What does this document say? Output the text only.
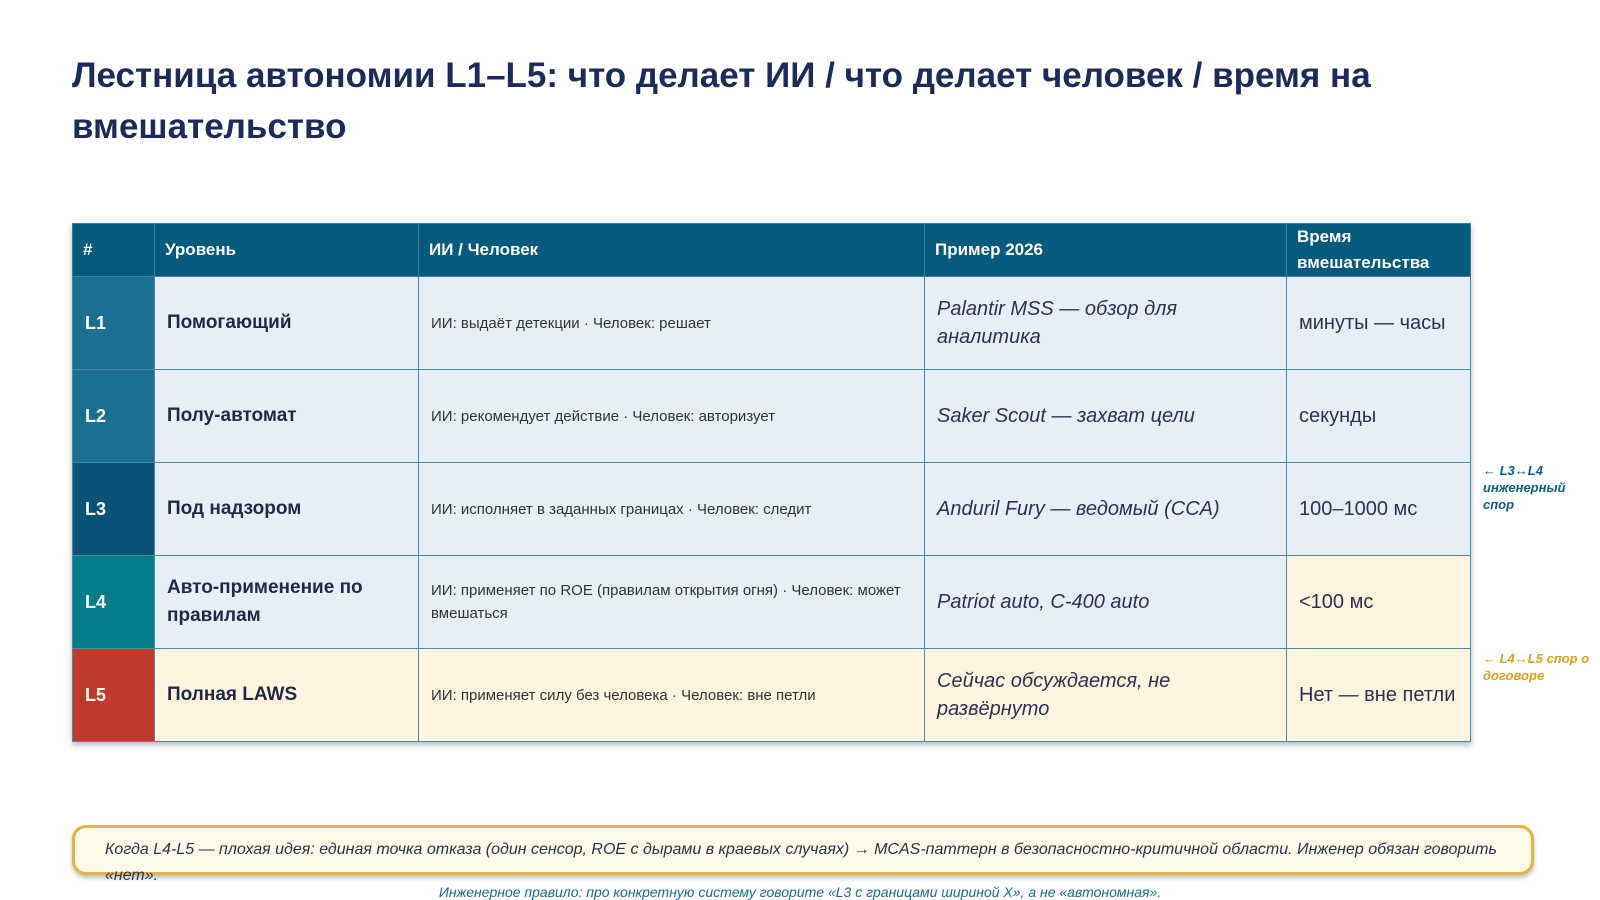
Лестница автономии L1–L5: что делает ИИ / что делает человек / время на вмешательство
#	Уровень	ИИ / Человек	Пример 2026	Время вмешательства
L1	Помогающий	ИИ: выдаёт детекции · Человек: решает	Palantir MSS — обзор для аналитика	минуты — часы
L2	Полу-автомат	ИИ: рекомендует действие · Человек: авторизует	Saker Scout — захват цели	секунды
L3	Под надзором	ИИ: исполняет в заданных границах · Человек: следит	Anduril Fury — ведомый (CCA)	100–1000 мс
L4	Авто-применение по правилам	ИИ: применяет по ROE (правилам открытия огня) · Человек: может вмешаться	Patriot auto, С-400 auto	<100 мс
L5	Полная LAWS	ИИ: применяет силу без человека · Человек: вне петли	Сейчас обсуждается, не развёрнуто	Нет — вне петли
← L3↔L4 инженерный спор
← L4↔L5 спор о договоре
Когда L4-L5 — плохая идея: единая точка отказа (один сенсор, ROE с дырами в краевых случаях) → MCAS-паттерн в безопасностно-критичной области. Инженер обязан говорить «нет».
Инженерное правило: про конкретную систему говорите «L3 с границами шириной X», а не «автономная».
